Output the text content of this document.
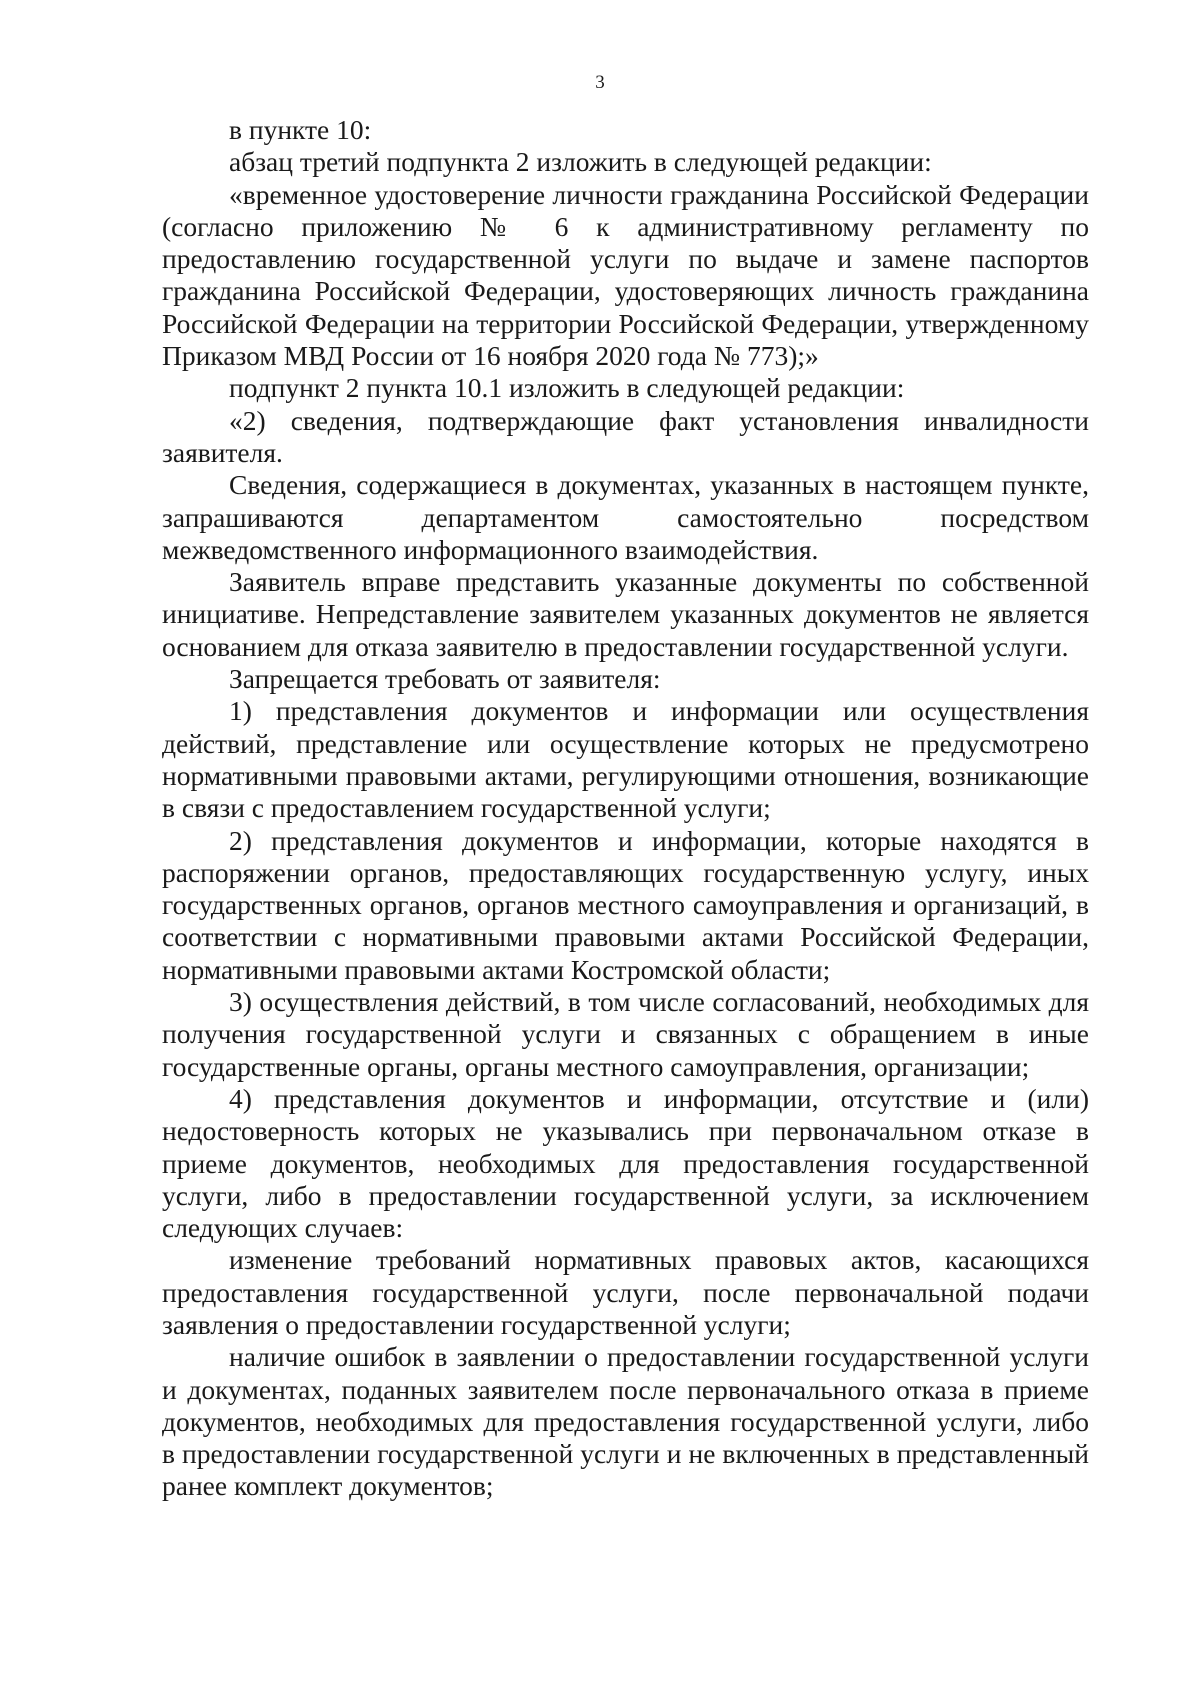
3

в пункте 10:

абзац третий подпункта 2 изложить в следующей редакции:

«временное удостоверение личности гражданина Российской Федерации (согласно приложению № 6 к административному регламенту по предоставлению государственной услуги по выдаче и замене паспортов гражданина Российской Федерации, удостоверяющих личность гражданина Российской Федерации на территории Российской Федерации, утвержденному Приказом МВД России от 16 ноября 2020 года № 773);»

подпункт 2 пункта 10.1 изложить в следующей редакции:

«2) сведения, подтверждающие факт установления инвалидности заявителя.

Сведения, содержащиеся в документах, указанных в настоящем пункте, запрашиваются департаментом самостоятельно посредством межведомственного информационного взаимодействия.

Заявитель вправе представить указанные документы по собственной инициативе. Непредставление заявителем указанных документов не является основанием для отказа заявителю в предоставлении государственной услуги.

Запрещается требовать от заявителя:

1) представления документов и информации или осуществления действий, представление или осуществление которых не предусмотрено нормативными правовыми актами, регулирующими отношения, возникающие в связи с предоставлением государственной услуги;

2) представления документов и информации, которые находятся в распоряжении органов, предоставляющих государственную услугу, иных государственных органов, органов местного самоуправления и организаций, в соответствии с нормативными правовыми актами Российской Федерации, нормативными правовыми актами Костромской области;

3) осуществления действий, в том числе согласований, необходимых для получения государственной услуги и связанных с обращением в иные государственные органы, органы местного самоуправления, организации;

4) представления документов и информации, отсутствие и (или) недостоверность которых не указывались при первоначальном отказе в приеме документов, необходимых для предоставления государственной услуги, либо в предоставлении государственной услуги, за исключением следующих случаев:

изменение требований нормативных правовых актов, касающихся предоставления государственной услуги, после первоначальной подачи заявления о предоставлении государственной услуги;

наличие ошибок в заявлении о предоставлении государственной услуги и документах, поданных заявителем после первоначального отказа в приеме документов, необходимых для предоставления государственной услуги, либо в предоставлении государственной услуги и не включенных в представленный ранее комплект документов;
